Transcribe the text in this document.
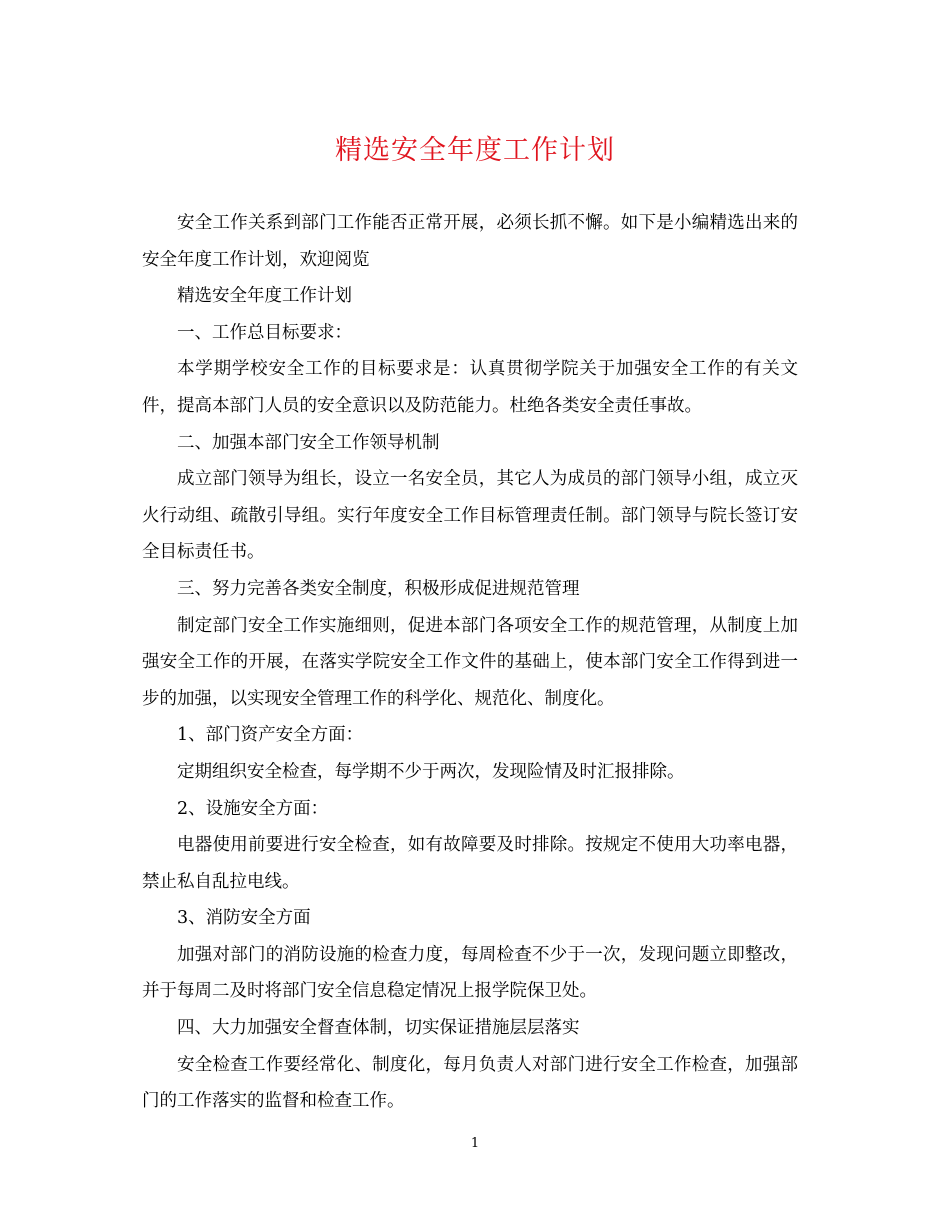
精选安全年度工作计划

安全工作关系到部门工作能否正常开展，必须长抓不懈。如下是小编精选出来的安全年度工作计划，欢迎阅览

精选安全年度工作计划

一、工作总目标要求：

本学期学校安全工作的目标要求是：认真贯彻学院关于加强安全工作的有关文件，提高本部门人员的安全意识以及防范能力。杜绝各类安全责任事故。

二、加强本部门安全工作领导机制

成立部门领导为组长，设立一名安全员，其它人为成员的部门领导小组，成立灭火行动组、疏散引导组。实行年度安全工作目标管理责任制。部门领导与院长签订安全目标责任书。

三、努力完善各类安全制度，积极形成促进规范管理

制定部门安全工作实施细则，促进本部门各项安全工作的规范管理，从制度上加强安全工作的开展，在落实学院安全工作文件的基础上，使本部门安全工作得到进一步的加强，以实现安全管理工作的科学化、规范化、制度化。

1、部门资产安全方面：

定期组织安全检查，每学期不少于两次，发现险情及时汇报排除。

2、设施安全方面：

电器使用前要进行安全检查，如有故障要及时排除。按规定不使用大功率电器，禁止私自乱拉电线。

3、消防安全方面

加强对部门的消防设施的检查力度，每周检查不少于一次，发现问题立即整改，并于每周二及时将部门安全信息稳定情况上报学院保卫处。

四、大力加强安全督查体制，切实保证措施层层落实

安全检查工作要经常化、制度化，每月负责人对部门进行安全工作检查，加强部门的工作落实的监督和检查工作。

1
